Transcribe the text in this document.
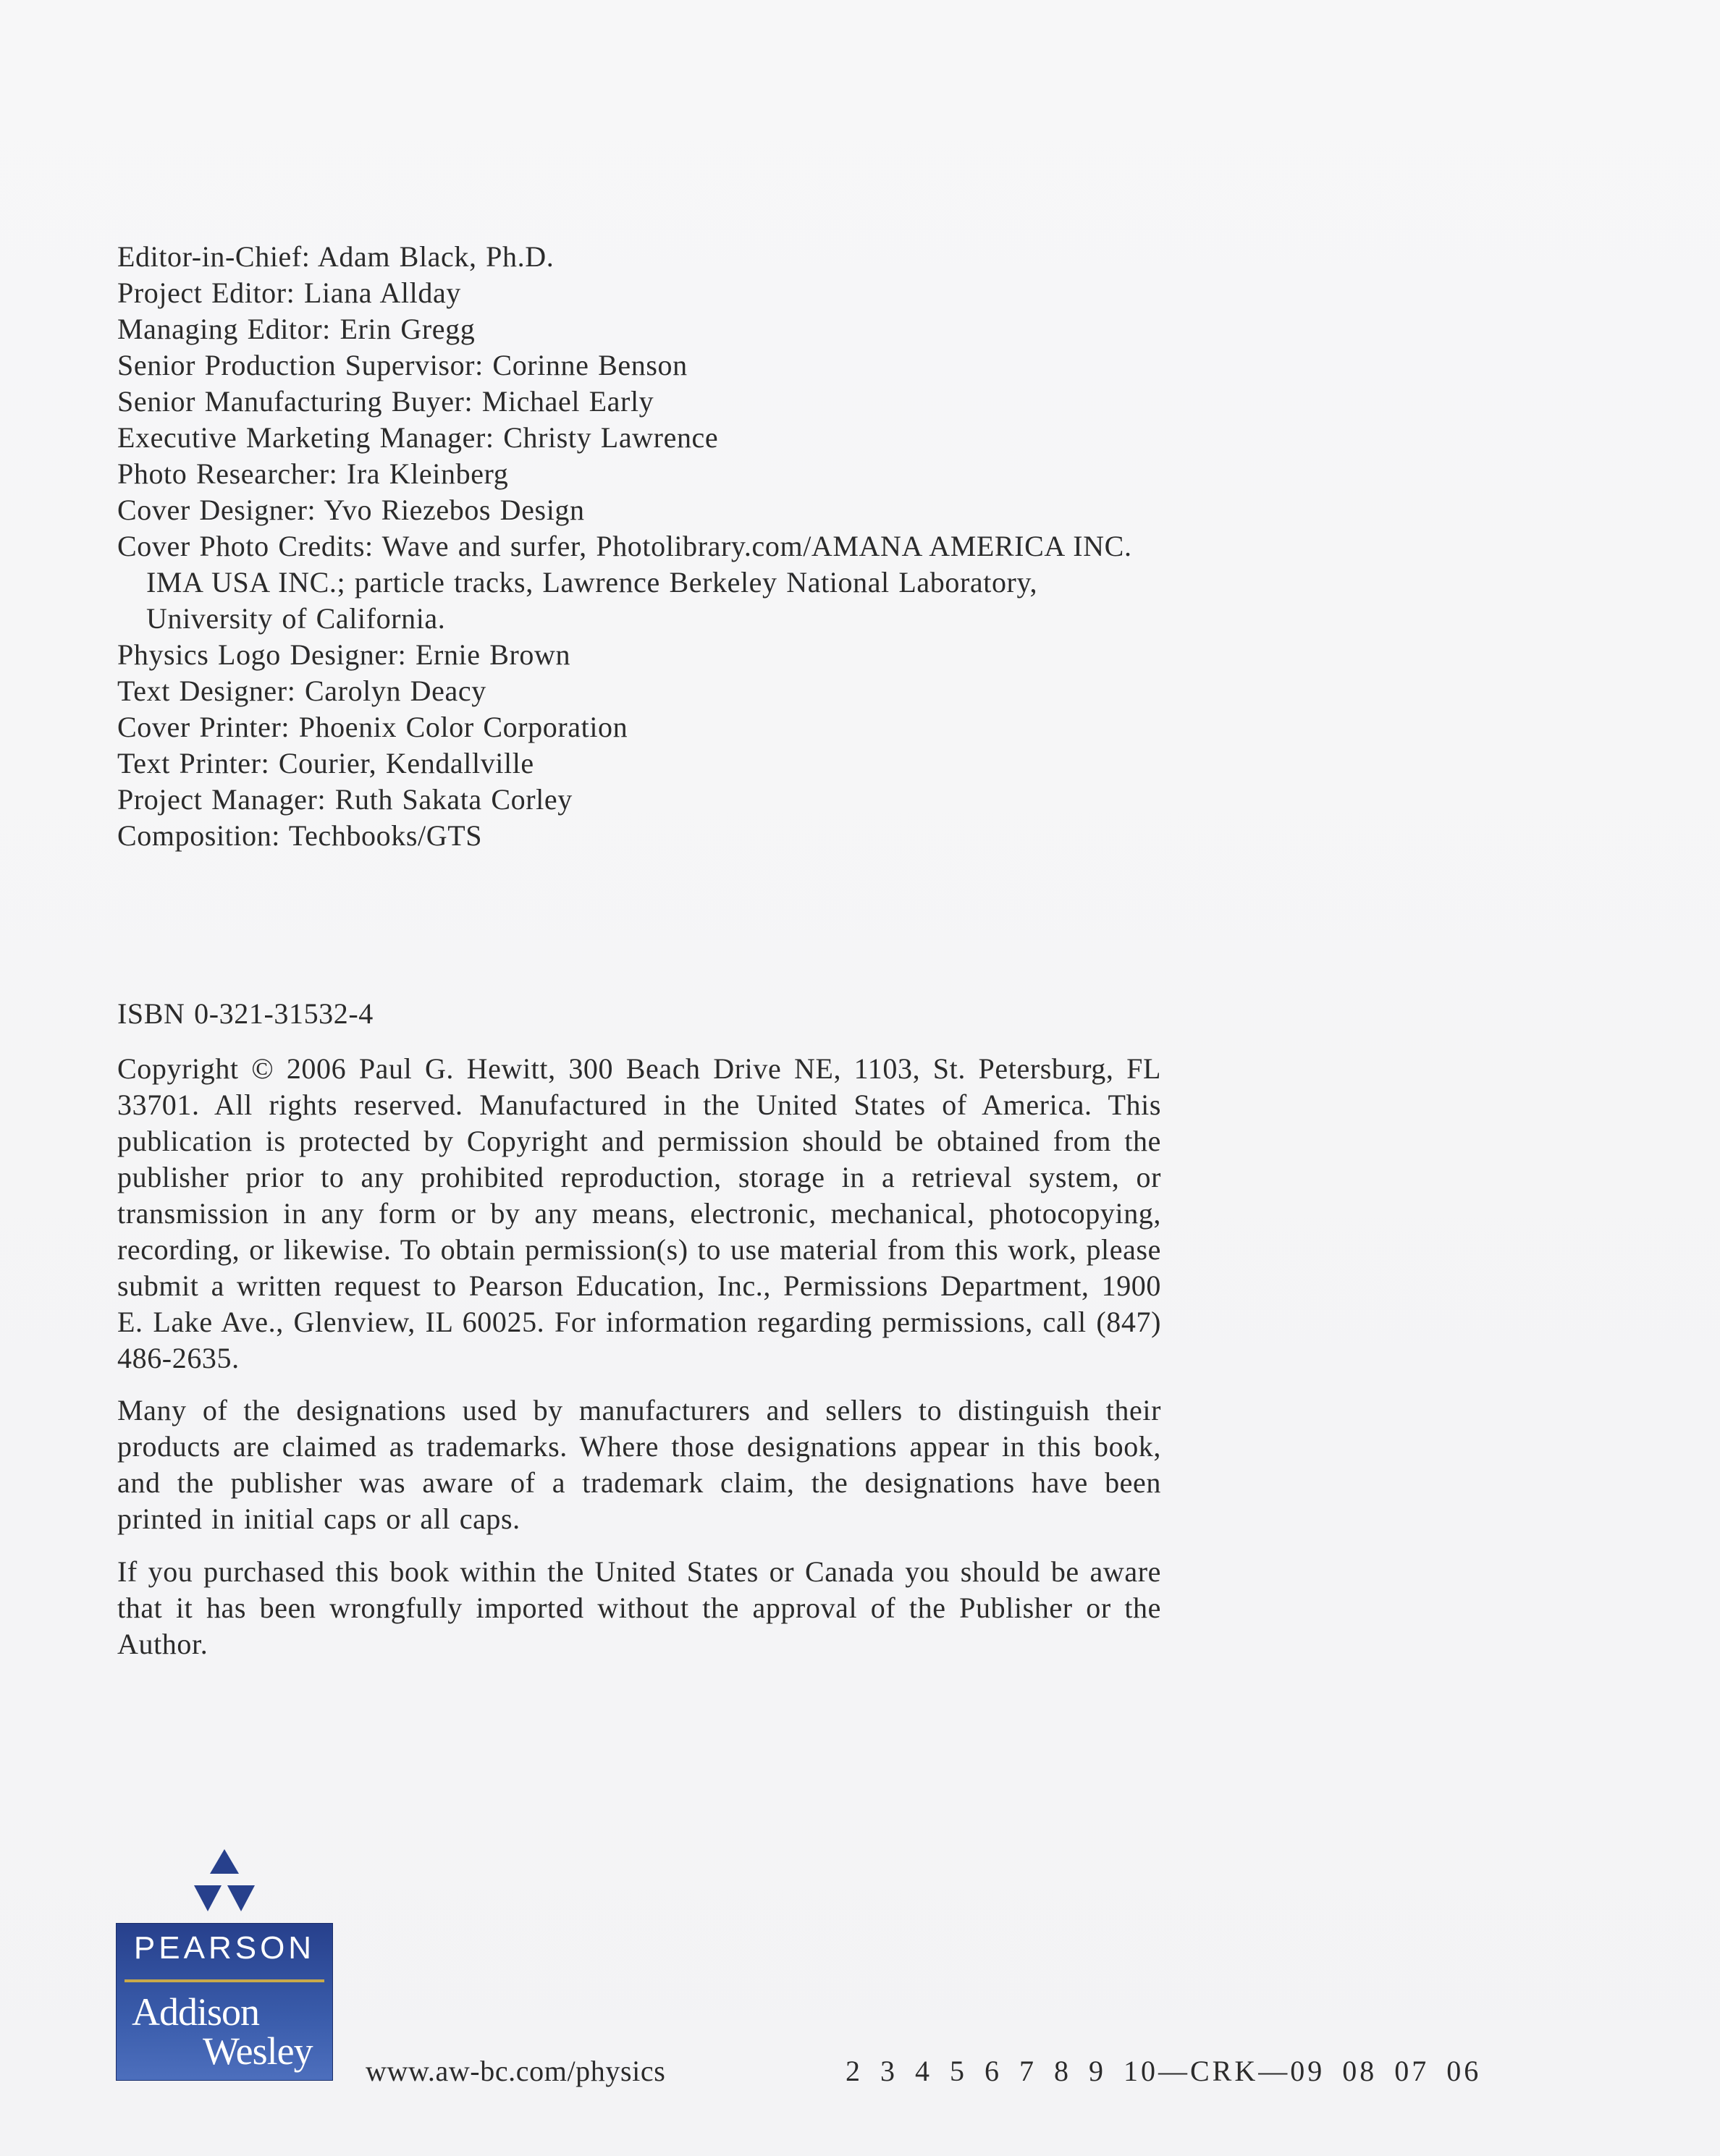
Editor-in-Chief: Adam Black, Ph.D.
Project Editor: Liana Allday
Managing Editor: Erin Gregg
Senior Production Supervisor: Corinne Benson
Senior Manufacturing Buyer: Michael Early
Executive Marketing Manager: Christy Lawrence
Photo Researcher: Ira Kleinberg
Cover Designer: Yvo Riezebos Design
Cover Photo Credits: Wave and surfer, Photolibrary.com/AMANA AMERICA INC.
IMA USA INC.; particle tracks, Lawrence Berkeley National Laboratory,
University of California.
Physics Logo Designer: Ernie Brown
Text Designer: Carolyn Deacy
Cover Printer: Phoenix Color Corporation
Text Printer: Courier, Kendallville
Project Manager: Ruth Sakata Corley
Composition: Techbooks/GTS
ISBN 0-321-31532-4
Copyright © 2006 Paul G. Hewitt, 300 Beach Drive NE, 1103, St. Petersburg, FL 33701. All rights reserved. Manufactured in the United States of America. This publication is protected by Copyright and permission should be obtained from the publisher prior to any prohibited reproduction, storage in a retrieval system, or transmission in any form or by any means, electronic, mechanical, photocopying, recording, or likewise. To obtain permission(s) to use material from this work, please submit a written request to Pearson Education, Inc., Permissions Department, 1900 E. Lake Ave., Glenview, IL 60025. For information regarding permissions, call (847) 486-2635.
Many of the designations used by manufacturers and sellers to distinguish their products are claimed as trademarks. Where those designations appear in this book, and the publisher was aware of a trademark claim, the designations have been printed in initial caps or all caps.
If you purchased this book within the United States or Canada you should be aware that it has been wrongfully imported without the approval of the Publisher or the Author.
PEARSON
Addison
Wesley www.aw-bc.com/physics	2 3 4 5 6 7 8 9 10—CRK—09 08 07 06
